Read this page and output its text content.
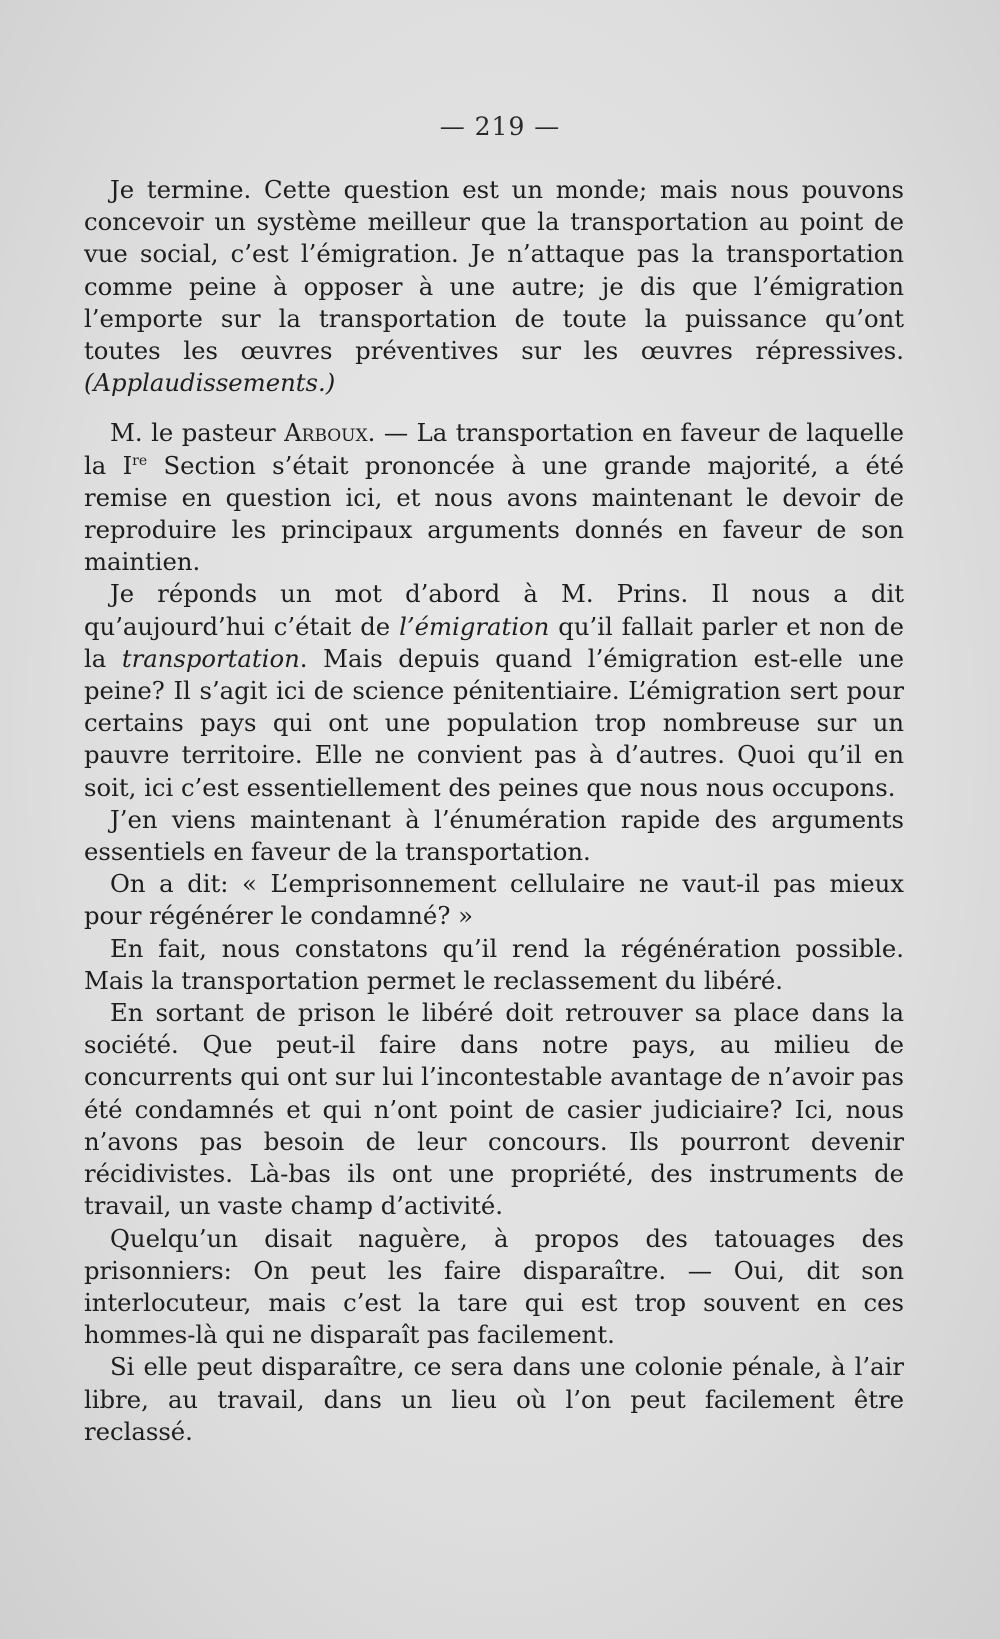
— 219 —

Je termine. Cette question est un monde; mais nous pouvons concevoir un système meilleur que la transportation au point de vue social, c’est l’émigration. Je n’attaque pas la transportation comme peine à opposer à une autre; je dis que l’émigration l’emporte sur la transportation de toute la puissance qu’ont toutes les œuvres préventives sur les œuvres répressives. (Applaudissements.)

M. le pasteur Arboux. — La transportation en faveur de laquelle la Ire Section s’était prononcée à une grande majorité, a été remise en question ici, et nous avons maintenant le devoir de reproduire les principaux arguments donnés en faveur de son maintien.

Je réponds un mot d’abord à M. Prins. Il nous a dit qu’aujourd’hui c’était de l’émigration qu’il fallait parler et non de la transportation. Mais depuis quand l’émigration est-elle une peine? Il s’agit ici de science pénitentiaire. L’émigration sert pour certains pays qui ont une population trop nombreuse sur un pauvre territoire. Elle ne convient pas à d’autres. Quoi qu’il en soit, ici c’est essentiellement des peines que nous nous occupons.

J’en viens maintenant à l’énumération rapide des arguments essentiels en faveur de la transportation.

On a dit: « L’emprisonnement cellulaire ne vaut-il pas mieux pour régénérer le condamné? »

En fait, nous constatons qu’il rend la régénération possible. Mais la transportation permet le reclassement du libéré.

En sortant de prison le libéré doit retrouver sa place dans la société. Que peut-il faire dans notre pays, au milieu de concurrents qui ont sur lui l’incontestable avantage de n’avoir pas été condamnés et qui n’ont point de casier judiciaire? Ici, nous n’avons pas besoin de leur concours. Ils pourront devenir récidivistes. Là-bas ils ont une propriété, des instruments de travail, un vaste champ d’activité.

Quelqu’un disait naguère, à propos des tatouages des prisonniers: On peut les faire disparaître. — Oui, dit son interlocuteur, mais c’est la tare qui est trop souvent en ces hommes-là qui ne disparaît pas facilement.

Si elle peut disparaître, ce sera dans une colonie pénale, à l’air libre, au travail, dans un lieu où l’on peut facilement être reclassé.
